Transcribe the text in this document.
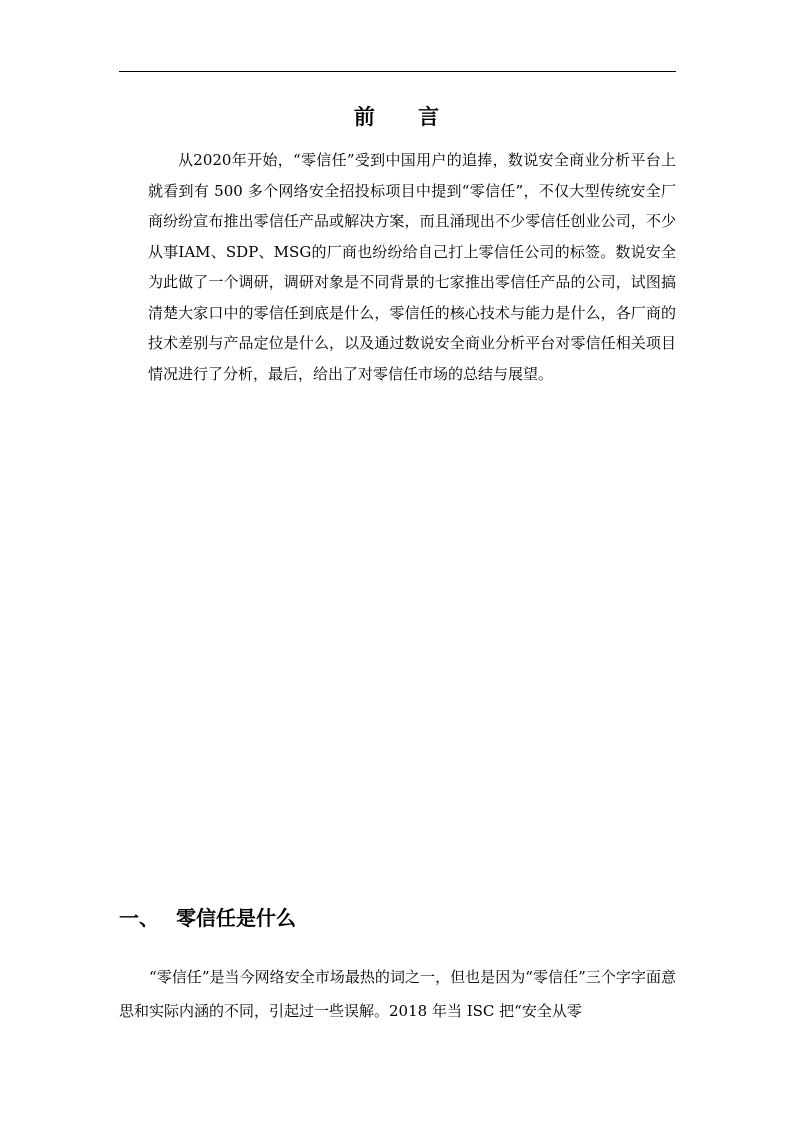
前 言

从2020年开始，“零信任”受到中国用户的追捧，数说安全商业分析平台上就看到有 500 多个网络安全招投标项目中提到“零信任”，不仅大型传统安全厂商纷纷宣布推出零信任产品或解决方案，而且涌现出不少零信任创业公司，不少从事IAM、SDP、MSG的厂商也纷纷给自己打上零信任公司的标签。数说安全为此做了一个调研，调研对象是不同背景的七家推出零信任产品的公司，试图搞清楚大家口中的零信任到底是什么，零信任的核心技术与能力是什么，各厂商的技术差别与产品定位是什么，以及通过数说安全商业分析平台对零信任相关项目情况进行了分析，最后，给出了对零信任市场的总结与展望。

一、 零信任是什么

“零信任”是当今网络安全市场最热的词之一，但也是因为“零信任”三个字字面意思和实际内涵的不同，引起过一些误解。2018 年当 ISC 把“安全从零
